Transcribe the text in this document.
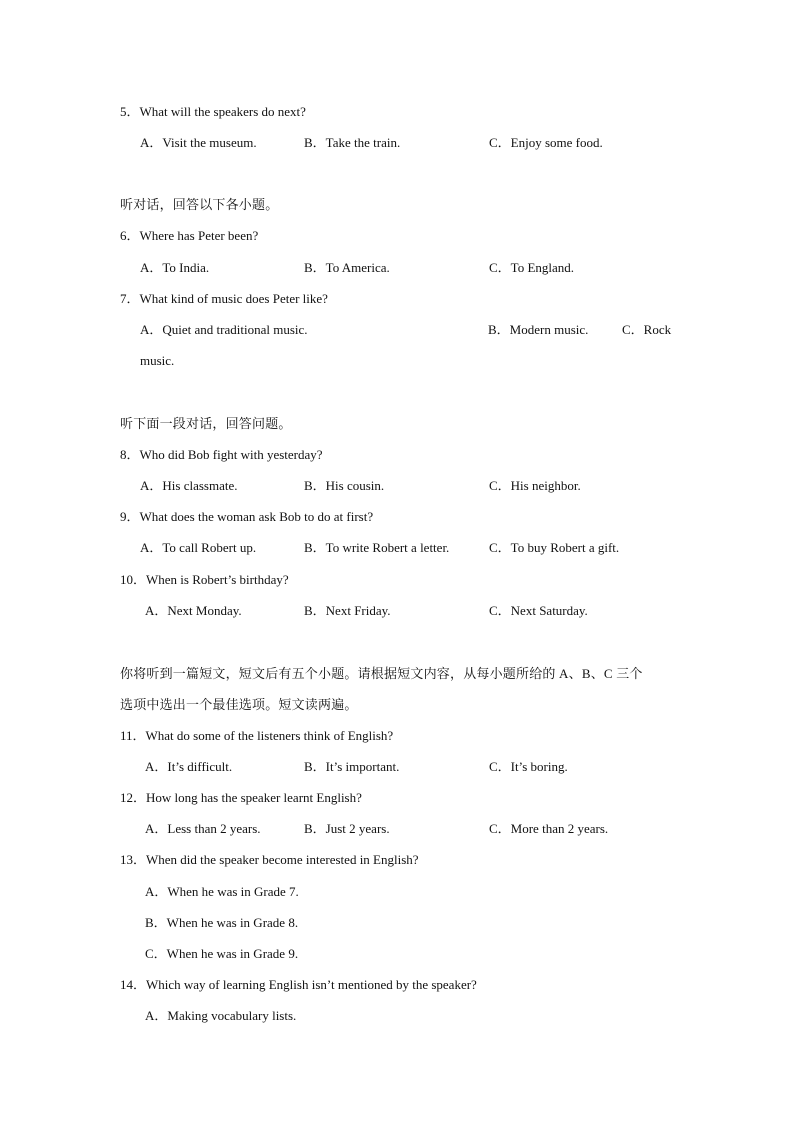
5．What will the speakers do next?
A．Visit the museum.	B．Take the train.	C．Enjoy some food.
听对话，回答以下各小题。
6．Where has Peter been?
A．To India.	B．To America.	C．To England.
7．What kind of music does Peter like?
A．Quiet and traditional music.	B．Modern music.	C．Rock
music.
听下面一段对话，回答问题。
8．Who did Bob fight with yesterday?
A．His classmate.	B．His cousin.	C．His neighbor.
9．What does the woman ask Bob to do at first?
A．To call Robert up.	B．To write Robert a letter.	C．To buy Robert a gift.
10．When is Robert’s birthday?
A．Next Monday.	B．Next Friday.	C．Next Saturday.
你将听到一篇短文，短文后有五个小题。请根据短文内容，从每小题所给的 A、B、C 三个
选项中选出一个最佳选项。短文读两遍。
11．What do some of the listeners think of English?
A．It’s difficult.	B．It’s important.	C．It’s boring.
12．How long has the speaker learnt English?
A．Less than 2 years.	B．Just 2 years.	C．More than 2 years.
13．When did the speaker become interested in English?
A．When he was in Grade 7.
B．When he was in Grade 8.
C．When he was in Grade 9.
14．Which way of learning English isn’t mentioned by the speaker?
A．Making vocabulary lists.
